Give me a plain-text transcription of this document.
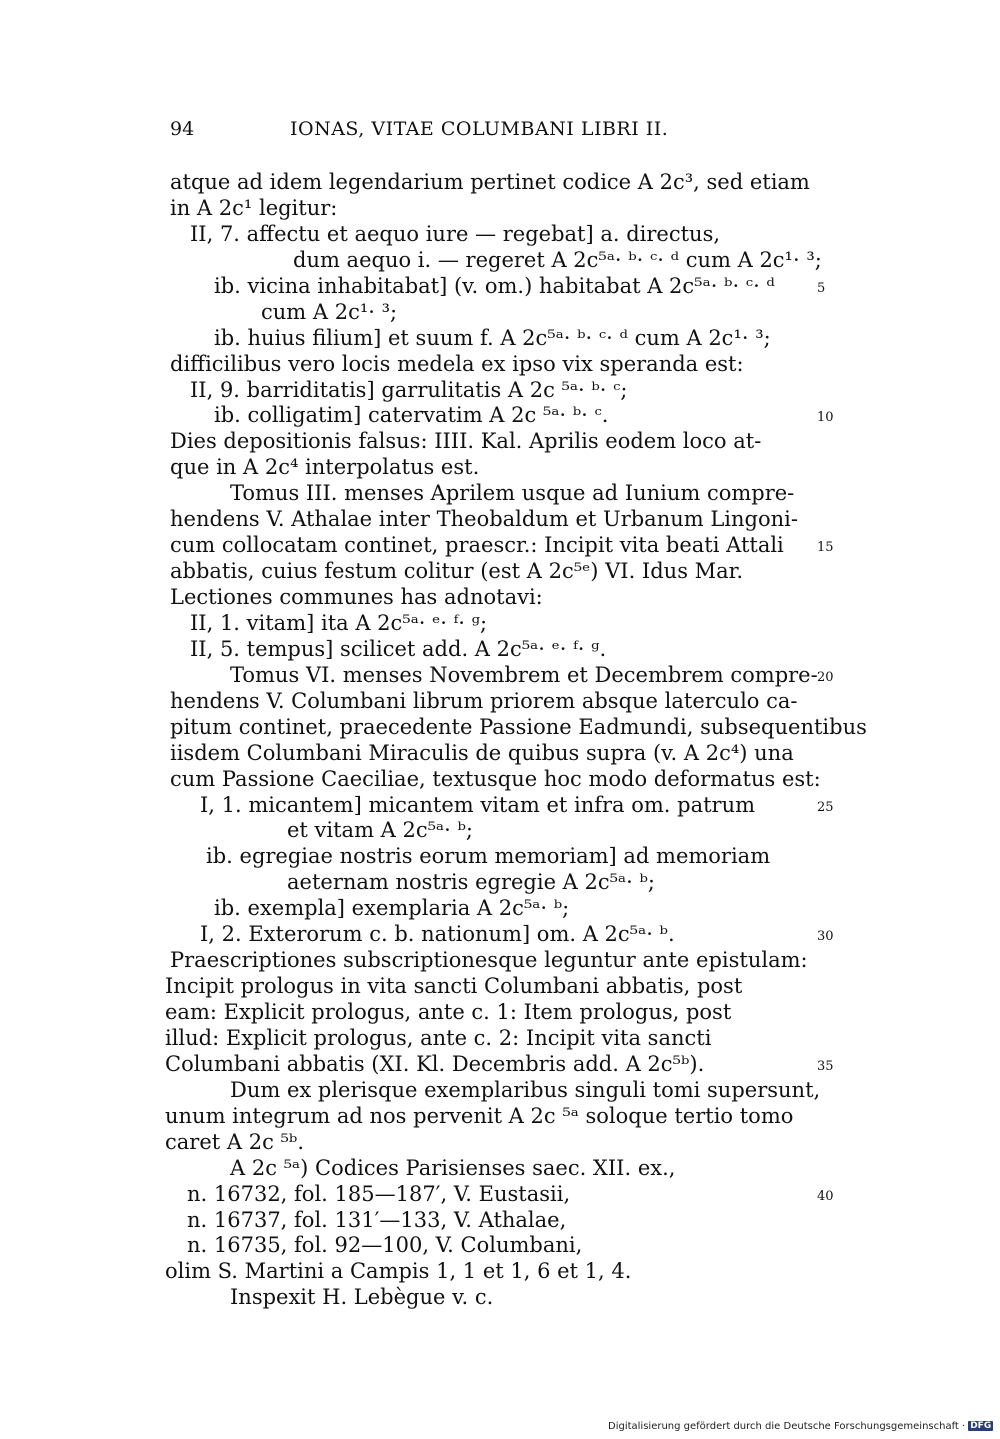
94	IONAS, VITAE COLUMBANI LIBRI II.
atque ad idem legendarium pertinet codice A 2c³, sed etiam
in A 2c¹ legitur:
II, 7. affectu et aequo iure — regebat] a. directus,
dum aequo i. — regeret A 2c⁵ᵃ· ᵇ· ᶜ· ᵈ cum A 2c¹· ³;
ib. vicina inhabitabat] (v. om.) habitabat A 2c⁵ᵃ· ᵇ· ᶜ· ᵈ	5
cum A 2c¹· ³;
ib. huius filium] et suum f. A 2c⁵ᵃ· ᵇ· ᶜ· ᵈ cum A 2c¹· ³;
difficilibus vero locis medela ex ipso vix speranda est:
II, 9. barriditatis] garrulitatis A 2c ⁵ᵃ· ᵇ· ᶜ;
ib. colligatim] catervatim A 2c ⁵ᵃ· ᵇ· ᶜ.	10
Dies depositionis falsus: IIII. Kal. Aprilis eodem loco at-
que in A 2c⁴ interpolatus est.
Tomus III. menses Aprilem usque ad Iunium compre-
hendens V. Athalae inter Theobaldum et Urbanum Lingoni-
cum collocatam continet, praescr.: Incipit vita beati Attali	15
abbatis, cuius festum colitur (est A 2c⁵ᵉ) VI. Idus Mar.
Lectiones communes has adnotavi:
II, 1. vitam] ita A 2c⁵ᵃ· ᵉ· ᶠ· ᵍ;
II, 5. tempus] scilicet add. A 2c⁵ᵃ· ᵉ· ᶠ· ᵍ.
Tomus VI. menses Novembrem et Decembrem compre- 20
hendens V. Columbani librum priorem absque laterculo ca-
pitum continet, praecedente Passione Eadmundi, subsequentibus
iisdem Columbani Miraculis de quibus supra (v. A 2c⁴) una
cum Passione Caeciliae, textusque hoc modo deformatus est:
I, 1. micantem] micantem vitam et infra om. patrum	25
et vitam A 2c⁵ᵃ· ᵇ;
ib. egregiae nostris eorum memoriam] ad memoriam
aeternam nostris egregie A 2c⁵ᵃ· ᵇ;
ib. exempla] exemplaria A 2c⁵ᵃ· ᵇ;
I, 2. Exterorum c. b. nationum] om. A 2c⁵ᵃ· ᵇ.	30
Praescriptiones subscriptionesque leguntur ante epistulam:
Incipit prologus in vita sancti Columbani abbatis, post
eam: Explicit prologus, ante c. 1: Item prologus, post
illud: Explicit prologus, ante c. 2: Incipit vita sancti
Columbani abbatis (XI. Kl. Decembris add. A 2c⁵ᵇ).	35
Dum ex plerisque exemplaribus singuli tomi supersunt,
unum integrum ad nos pervenit A 2c ⁵ᵃ soloque tertio tomo
caret A 2c ⁵ᵇ.
A 2c ⁵ᵃ) Codices Parisienses saec. XII. ex.,
n. 16732, fol. 185—187′, V. Eustasii,	40
n. 16737, fol. 131′—133, V. Athalae,
n. 16735, fol. 92—100, V. Columbani,
olim S. Martini a Campis 1, 1 et 1, 6 et 1, 4.
Inspexit H. Lebègue v. c.
Digitalisierung gefördert durch die Deutsche Forschungsgemeinschaft · DFG
